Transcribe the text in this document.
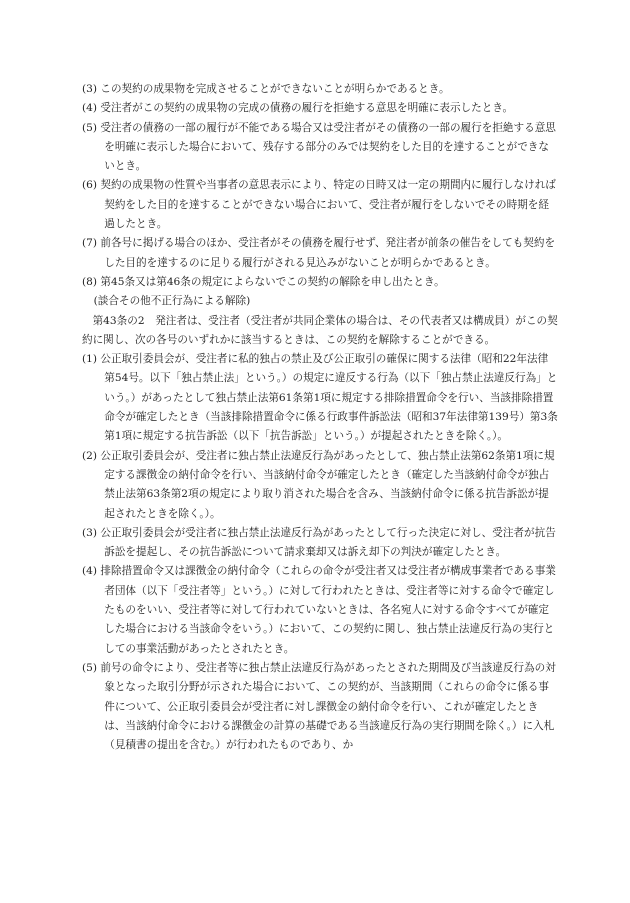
(3) この契約の成果物を完成させることができないことが明らかであるとき。

(4) 受注者がこの契約の成果物の完成の債務の履行を拒絶する意思を明確に表示したとき。

(5) 受注者の債務の一部の履行が不能である場合又は受注者がその債務の一部の履行を拒絶する意思を明確に表示した場合において、残存する部分のみでは契約をした目的を達することができないとき。

(6) 契約の成果物の性質や当事者の意思表示により、特定の日時又は一定の期間内に履行しなければ契約をした目的を達することができない場合において、受注者が履行をしないでその時期を経過したとき。

(7) 前各号に掲げる場合のほか、受注者がその債務を履行せず、発注者が前条の催告をしても契約をした目的を達するのに足りる履行がされる見込みがないことが明らかであるとき。

(8) 第45条又は第46条の規定によらないでこの契約の解除を申し出たとき。

(談合その他不正行為による解除)

第43条の2　発注者は、受注者（受注者が共同企業体の場合は、その代表者又は構成員）がこの契約に関し、次の各号のいずれかに該当するときは、この契約を解除することができる。

(1) 公正取引委員会が、受注者に私的独占の禁止及び公正取引の確保に関する法律（昭和22年法律第54号。以下「独占禁止法」という。）の規定に違反する行為（以下「独占禁止法違反行為」という。）があったとして独占禁止法第61条第1項に規定する排除措置命令を行い、当該排除措置命令が確定したとき（当該排除措置命令に係る行政事件訴訟法（昭和37年法律第139号）第3条第1項に規定する抗告訴訟（以下「抗告訴訟」という。）が提起されたときを除く。）。

(2) 公正取引委員会が、受注者に独占禁止法違反行為があったとして、独占禁止法第62条第1項に規定する課徴金の納付命令を行い、当該納付命令が確定したとき（確定した当該納付命令が独占禁止法第63条第2項の規定により取り消された場合を含み、当該納付命令に係る抗告訴訟が提起されたときを除く。）。

(3) 公正取引委員会が受注者に独占禁止法違反行為があったとして行った決定に対し、受注者が抗告訴訟を提起し、その抗告訴訟について請求棄却又は訴え却下の判決が確定したとき。

(4) 排除措置命令又は課徴金の納付命令（これらの命令が受注者又は受注者が構成事業者である事業者団体（以下「受注者等」という。）に対して行われたときは、受注者等に対する命令で確定したものをいい、受注者等に対して行われていないときは、各名宛人に対する命令すべてが確定した場合における当該命令をいう。）において、この契約に関し、独占禁止法違反行為の実行としての事業活動があったとされたとき。

(5) 前号の命令により、受注者等に独占禁止法違反行為があったとされた期間及び当該違反行為の対象となった取引分野が示された場合において、この契約が、当該期間（これらの命令に係る事件について、公正取引委員会が受注者に対し課徴金の納付命令を行い、これが確定したときは、当該納付命令における課徴金の計算の基礎である当該違反行為の実行期間を除く。）に入札（見積書の提出を含む。）が行われたものであり、か
